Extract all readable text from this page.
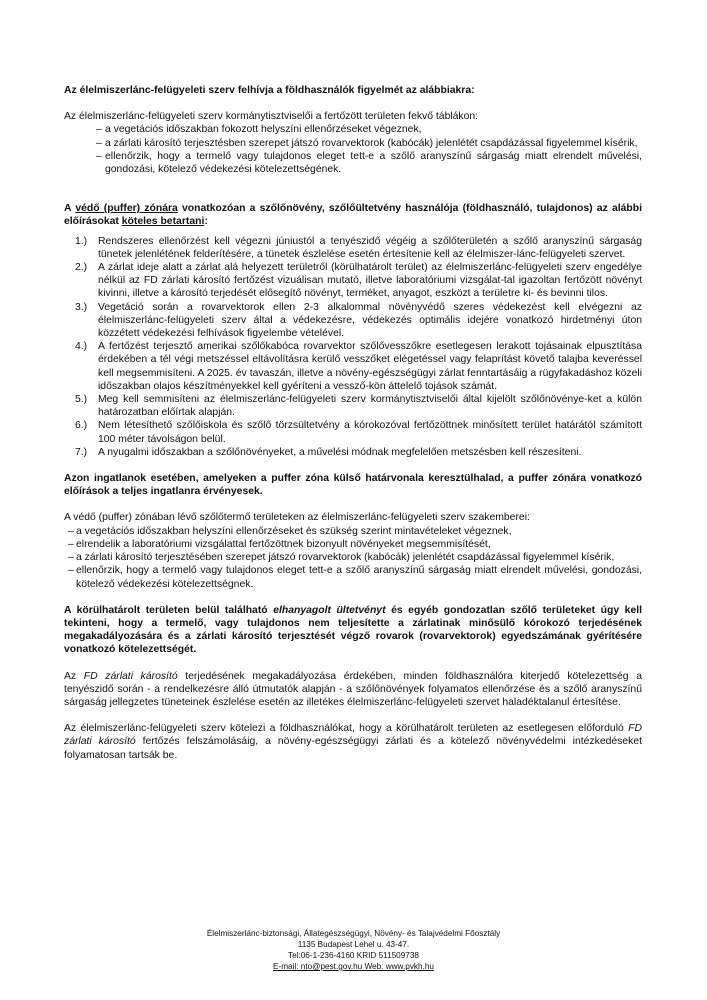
Az élelmiszerlánc-felügyeleti szerv felhívja a földhasználók figyelmét az alábbiakra:

Az élelmiszerlánc-felügyeleti szerv kormánytisztviselői a fertőzött területen fekvő táblákon:

– a vegetációs időszakban fokozott helyszíni ellenőrzéseket végeznek,
– a zárlati károsító terjesztésben szerepet játszó rovarvektorok (kabócák) jelenlétét csapdázással figyelemmel kísérik,
– ellenőrzik, hogy a termelő vagy tulajdonos eleget tett-e a szőlő aranyszínű sárgaság miatt elrendelt művelési, gondozási, kötelező védekezési kötelezettségének.

A védő (puffer) zónára vonatkozóan a szőlőnövény, szőlőültetvény használója (földhasználó, tulajdonos) az alábbi előírásokat köteles betartani:

1.) Rendszeres ellenőrzést kell végezni júniustól a tenyészidő végéig a szőlőterületén a szőlő aranyszínű sárgaság tünetek jelenlétének felderítésére, a tünetek észlelése esetén értesítenie kell az élelmiszer-lánc-felügyeleti szervet.
2.) A zárlat ideje alatt a zárlat alá helyezett területről (körülhatárolt terület) az élelmiszerlánc-felügyeleti szerv engedélye nélkül az FD zárlati károsító fertőzést vizuálisan mutató, illetve laboratóriumi vizsgálat-tal igazoltan fertőzött növényt kivinni, illetve a károsító terjedését elősegítő növényt, terméket, anyagot, eszközt a területre ki- és bevinni tilos.
3.) Vegetáció során a rovarvektorok ellen 2-3 alkalommal növényvédő szeres védekezést kell elvégezni az élelmiszerlánc-felügyeleti szerv által a védekezésre, védekezés optimális idejére vonatkozó hirdetményi úton közzétett védekezési felhívások figyelembe vételével.
4.) A fertőzést terjesztő amerikai szőlőkabóca rovarvektor szőlővesszőkre esetlegesen lerakott tojásainak elpusztítása érdekében a tél végi metszéssel eltávolításra kerülő vesszőket elégetéssel vagy felaprítást követő talajba keveréssel kell megsemmisíteni. A 2025. év tavaszán, illetve a növény-egészségügyi zárlat fenntartásáig a rügyfakadáshoz közeli időszakban olajos készítményekkel kell gyéríteni a vessző-kön áttelelő tojások számát.
5.) Meg kell semmisíteni az élelmiszerlánc-felügyeleti szerv kormánytisztviselői által kijelölt szőlőnövénye-ket a külön határozatban előírtak alapján.
6.) Nem létesíthető szőlőiskola és szőlő törzsültetvény a kórokozóval fertőzöttnek minősített terület határától számított 100 méter távolságon belül.
7.) A nyugalmi időszakban a szőlőnövényeket, a művelési módnak megfelelően metszésben kell részesíteni.

Azon ingatlanok esetében, amelyeken a puffer zóna külső határvonala keresztülhalad, a puffer zónára vonatkozó előírások a teljes ingatlanra érvényesek.

A védő (puffer) zónában lévő szőlőtermő területeken az élelmiszerlánc-felügyeleti szerv szakemberei:

– a vegetációs időszakban helyszíni ellenőrzéseket és szükség szerint mintavételeket végeznek,
– elrendelik a laboratóriumi vizsgálattal fertőzöttnek bizonyult növényeket megsemmisítését,
– a zárlati károsító terjesztésében szerepet játszó rovarvektorok (kabócák) jelenlétét csapdázással figyelemmel kísérik,
– ellenőrzik, hogy a termelő vagy tulajdonos eleget tett-e a szőlő aranyszínű sárgaság miatt elrendelt művelési, gondozási, kötelező védekezési kötelezettségnek.

A körülhatárolt területen belül található elhanyagolt ültetvényt és egyéb gondozatlan szőlő területeket úgy kell tekinteni, hogy a termelő, vagy tulajdonos nem teljesítette a zárlatinak minősülő kórokozó terjedésének megakadályozására és a zárlati károsító terjesztését végző rovarok (rovarvektorok) egyedszámának gyérítésére vonatkozó kötelezettségét.

Az FD zárlati károsító terjedésének megakadályozása érdekében, minden földhasználóra kiterjedő kötelezettség a tenyészidő során - a rendelkezésre álló útmutatók alapján - a szőlőnövények folyamatos ellenőrzése és a szőlő aranyszínű sárgaság jellegzetes tüneteinek észlelése esetén az illetékes élelmiszerlánc-felügyeleti szervet haladéktalanul értesítése.

Az élelmiszerlánc-felügyeleti szerv kötelezi a földhasználókat, hogy a körülhatárolt területen az esetlegesen előforduló FD zárlati károsító fertőzés felszámolásáig, a növény-egészségügyi zárlati és a kötelező növényvédelmi intézkedéseket folyamatosan tartsák be.

Élelmiszerlánc-biztonsági, Állategészségügyi, Növény- és Talajvédelmi Főosztály
1135 Budapest Lehel u. 43-47.
Tel:06-1-236-4160 KRID 511509738
E-mail: nto@pest.gov.hu Web: www.pvkh.hu
